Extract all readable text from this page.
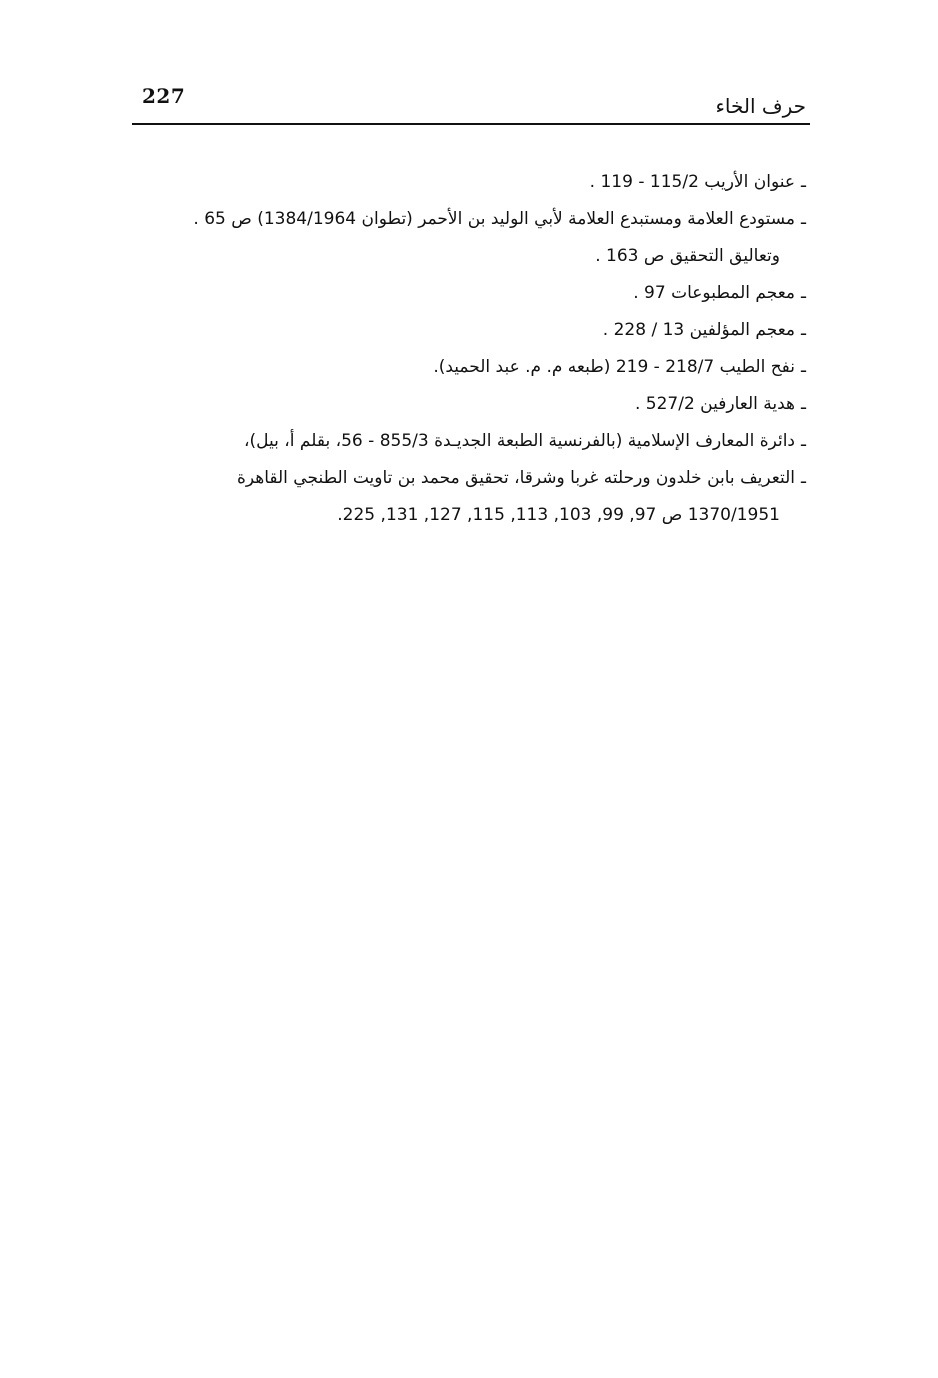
227	حرف الخاء
ـعنوان الأريب 115/2 - 119 .
ـمستودع العلامة ومستبدع العلامة لأبي الوليد بن الأحمر (تطوان 1384/1964) ص 65 .
وتعاليق التحقيق ص 163 .
ـمعجم المطبوعات 97 .
ـمعجم المؤلفين 13 / 228 .
ـنفح الطيب 218/7 - 219 (طبعه م. م. عبد الحميد).
ـهدية العارفين 527/2 .
ـدائرة المعارف الإسلامية (بالفرنسية الطبعة الجديـدة 855/3 - 56، بقلم أ، بيل)،
ـالتعريف بابن خلدون ورحلته غربا وشرقا، تحقيق محمد بن تاويت الطنجي القاهرة
1370/1951 ص 97, 99, 103, 113, 115, 127, 131, 225.
